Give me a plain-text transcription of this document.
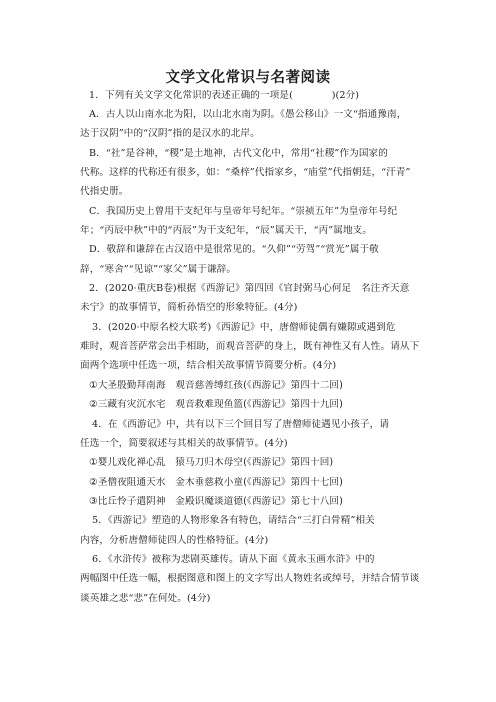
文学文化常识与名著阅读
1．下列有关文学文化常识的表述正确的一项是(　　　　)(2分)
A．古人以山南水北为阳，以山北水南为阴。《愚公移山》一文“指通豫南，
达于汉阴”中的“汉阴”指的是汉水的北岸。
B．“社”是谷神，“稷”是土地神，古代文化中，常用“社稷”作为国家的
代称。这样的代称还有很多，如：“桑梓”代指家乡，“庙堂”代指朝廷，“汗青”
代指史册。
C．我国历史上曾用干支纪年与皇帝年号纪年。“崇祯五年”为皇帝年号纪
年；“丙辰中秋”中的“丙辰”为干支纪年，“辰”属天干，“丙”属地支。
D．敬辞和谦辞在古汉语中是很常见的。“久仰”“劳驾”“赏光”属于敬
辞，“寒舍”“见谅”“家父”属于谦辞。
2．(2020·重庆B卷)根据《西游记》第四回《官封弼马心何足　名注齐天意
未宁》的故事情节，简析孙悟空的形象特征。(4分)
3．(2020·中原名校大联考)《西游记》中，唐僧师徒偶有嫌隙或遇到危
难时，观音菩萨常会出手相助，而观音菩萨的身上，既有神性又有人性。请从下
面两个选项中任选一项，结合相关故事情节简要分析。(4分)
①大圣殷勤拜南海　观音慈善缚红孩(《西游记》第四十二回)
②三藏有灾沉水宅　观音救难现鱼篮(《西游记》第四十九回)
4．在《西游记》中，共有以下三个回目写了唐僧师徒遇见小孩子，请
任选一个，简要叙述与其相关的故事情节。(4分)
①婴儿戏化禅心乱　猿马刀归木母空(《西游记》第四十回)
②圣僧夜阻通天水　金木垂慈救小童(《西游记》第四十七回)
③比丘怜子遣阴神　金殿识魔谈道德(《西游记》第七十八回)
5．《西游记》塑造的人物形象各有特色，请结合“三打白骨精”相关
内容，分析唐僧师徒四人的性格特征。(4分)
6．《水浒传》被称为悲剧英雄传。请从下面《黄永玉画水浒》中的
两幅图中任选一幅，根据图意和图上的文字写出人物姓名或绰号，并结合情节谈
谈英雄之悲“悲”在何处。(4分)
